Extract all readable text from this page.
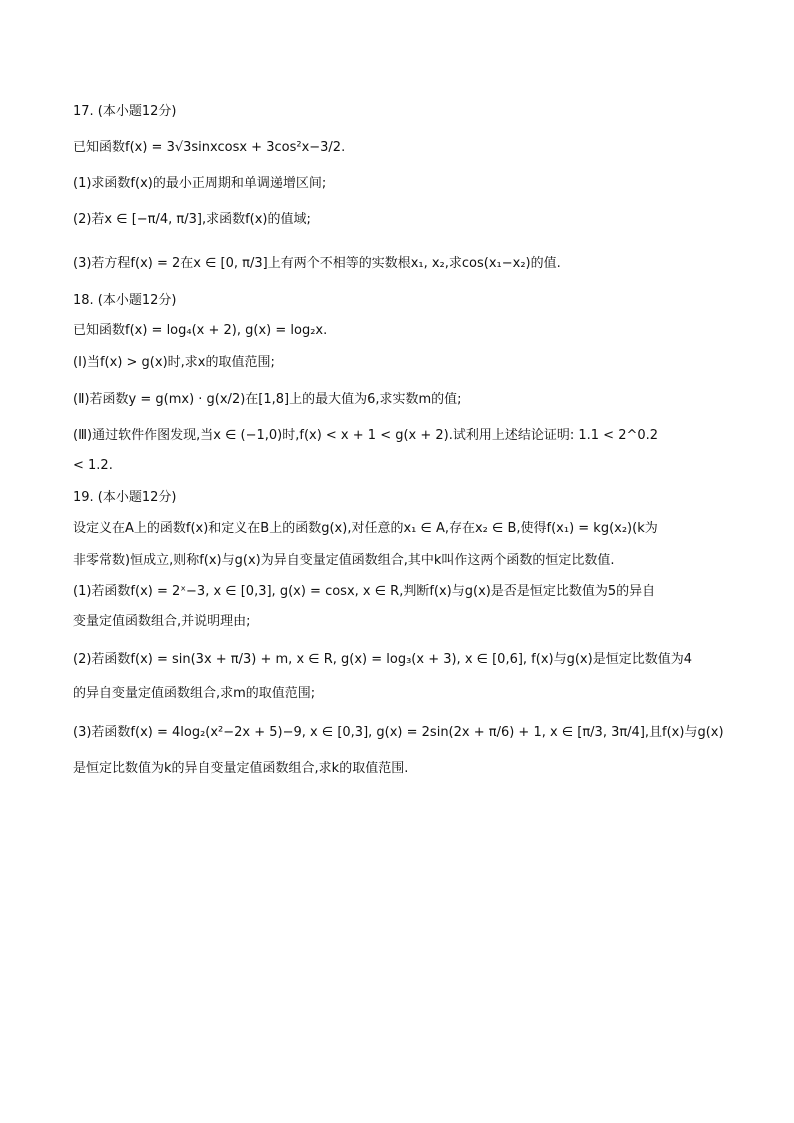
17. (本小题12分)
已知函数f(x) = 3√3sinxcosx + 3cos²x−3/2.
(1)求函数f(x)的最小正周期和单调递增区间;
(2)若x ∈ [−π/4, π/3],求函数f(x)的值域;
(3)若方程f(x) = 2在x ∈ [0, π/3]上有两个不相等的实数根x₁, x₂,求cos(x₁−x₂)的值.
18. (本小题12分)
已知函数f(x) = log₄(x + 2), g(x) = log₂x.
(Ⅰ)当f(x) > g(x)时,求x的取值范围;
(Ⅱ)若函数y = g(mx) · g(x/2)在[1,8]上的最大值为6,求实数m的值;
(Ⅲ)通过软件作图发现,当x ∈ (−1,0)时,f(x) < x + 1 < g(x + 2).试利用上述结论证明: 1.1 < 2^0.2
< 1.2.
19. (本小题12分)
设定义在A上的函数f(x)和定义在B上的函数g(x),对任意的x₁ ∈ A,存在x₂ ∈ B,使得f(x₁) = kg(x₂)(k为
非零常数)恒成立,则称f(x)与g(x)为异自变量定值函数组合,其中k叫作这两个函数的恒定比数值.
(1)若函数f(x) = 2ˣ−3, x ∈ [0,3], g(x) = cosx, x ∈ R,判断f(x)与g(x)是否是恒定比数值为5的异自
变量定值函数组合,并说明理由;
(2)若函数f(x) = sin(3x + π/3) + m, x ∈ R, g(x) = log₃(x + 3), x ∈ [0,6], f(x)与g(x)是恒定比数值为4
的异自变量定值函数组合,求m的取值范围;
(3)若函数f(x) = 4log₂(x²−2x + 5)−9, x ∈ [0,3], g(x) = 2sin(2x + π/6) + 1, x ∈ [π/3, 3π/4],且f(x)与g(x)
是恒定比数值为k的异自变量定值函数组合,求k的取值范围.
